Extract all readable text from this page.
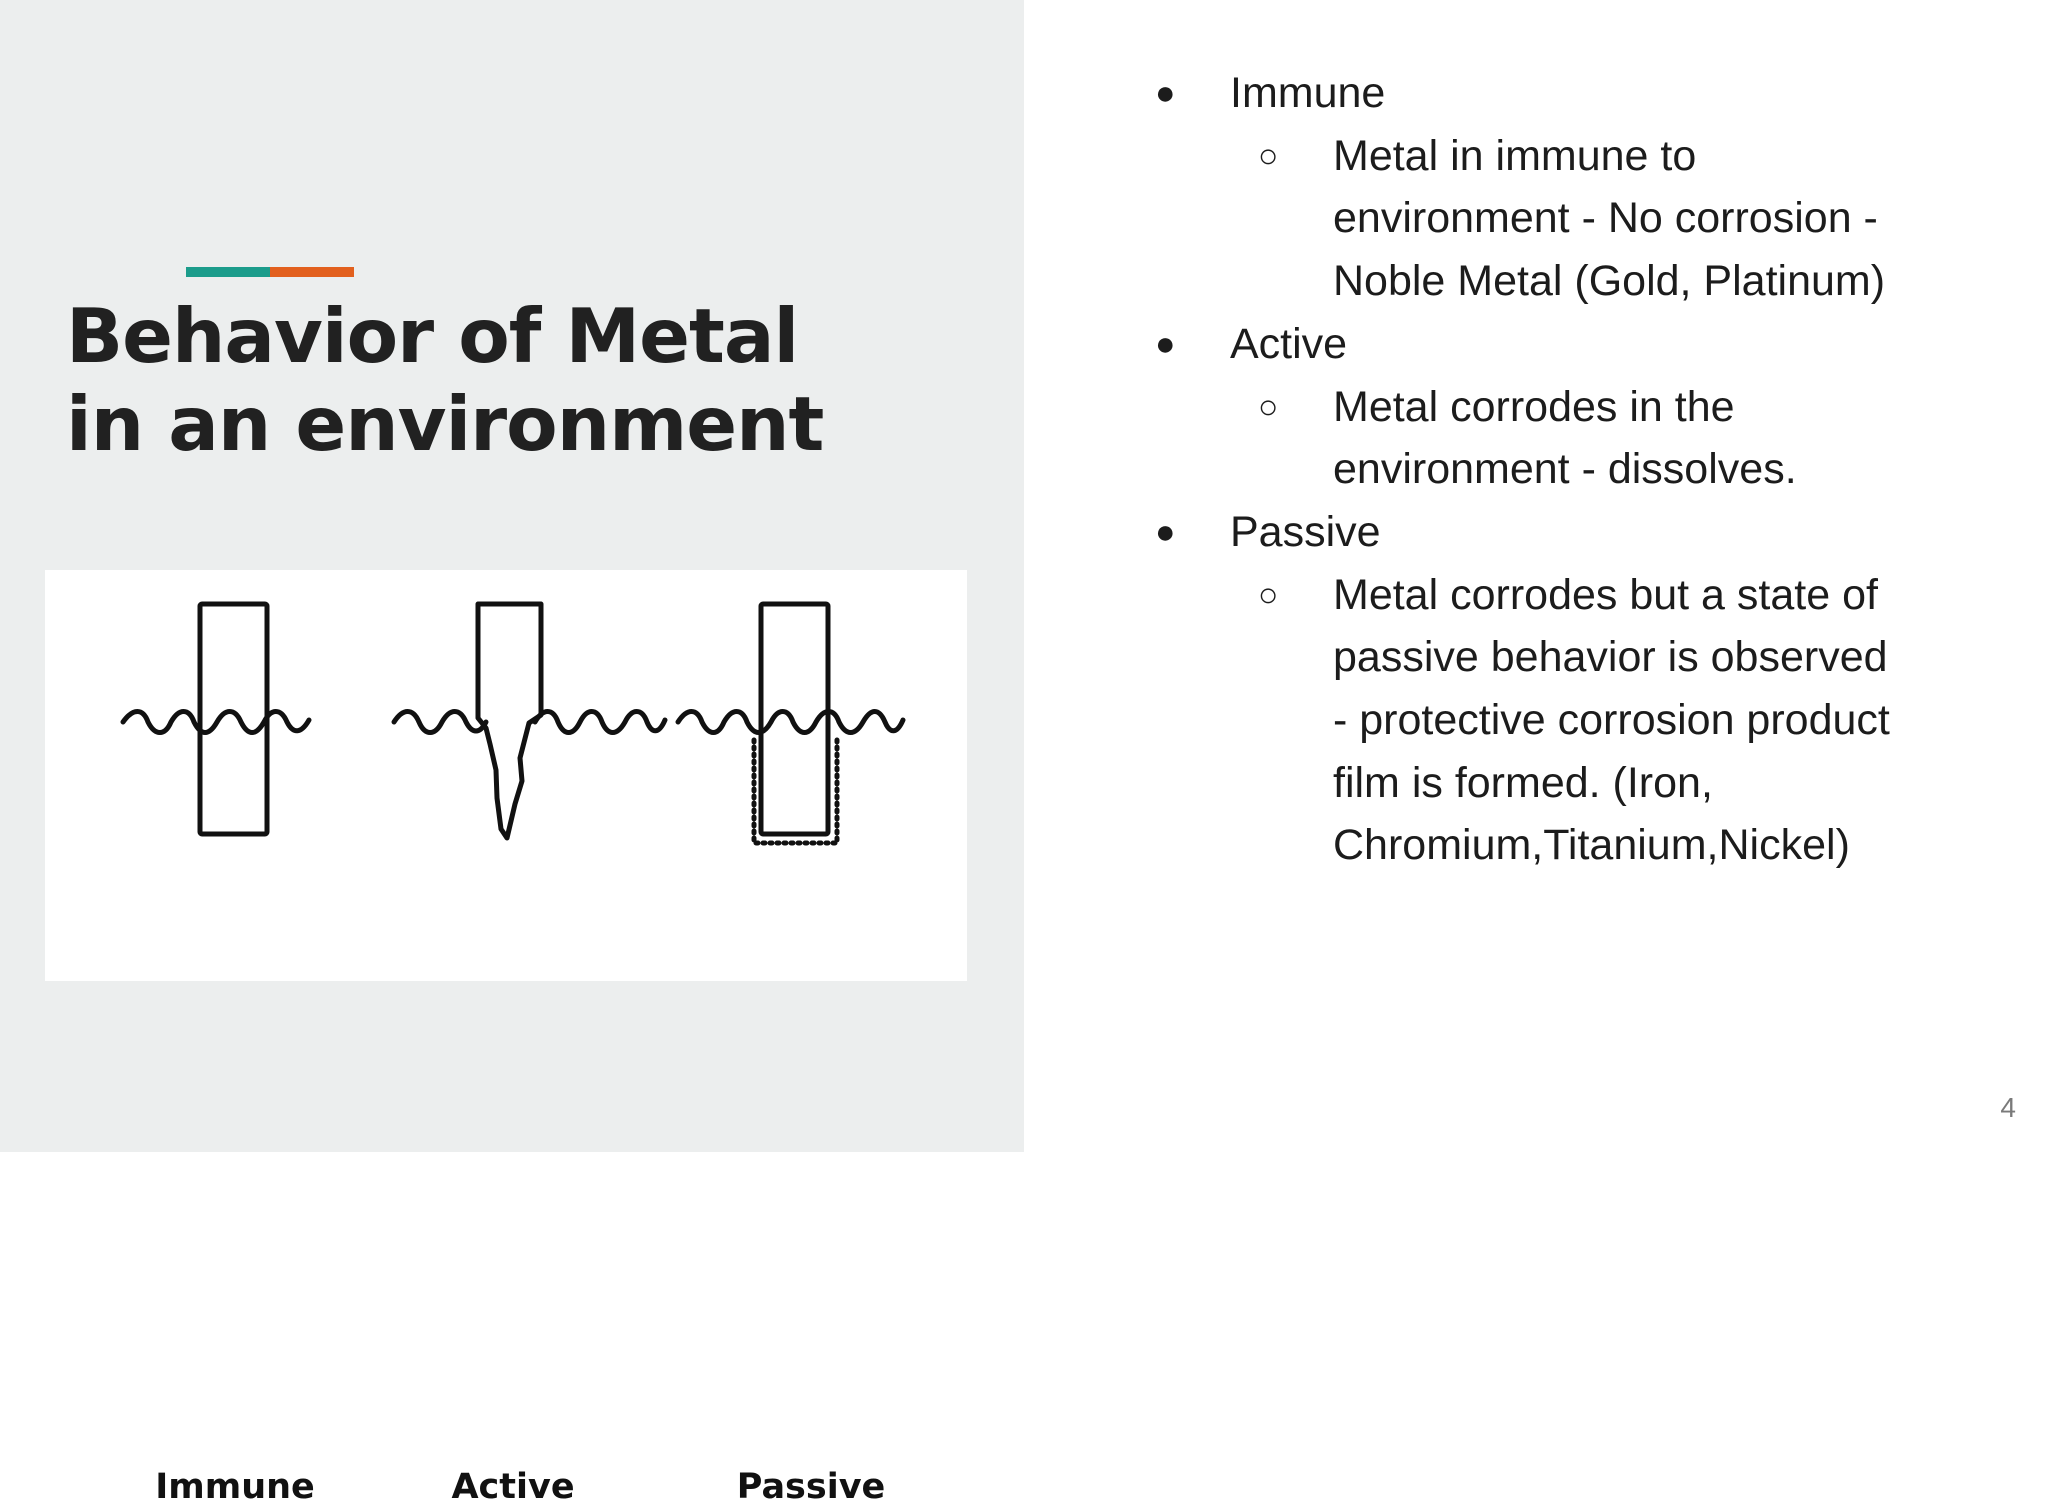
Behavior of Metal
in an environment
Immune	Active	Passive
● Immune
○ Metal in immune to environment - No corrosion - Noble Metal (Gold, Platinum)
● Active
○ Metal corrodes in the environment - dissolves.
● Passive
○ Metal corrodes but a state of passive behavior is observed - protective corrosion product film is formed. (Iron, Chromium,Titanium,Nickel)
4
